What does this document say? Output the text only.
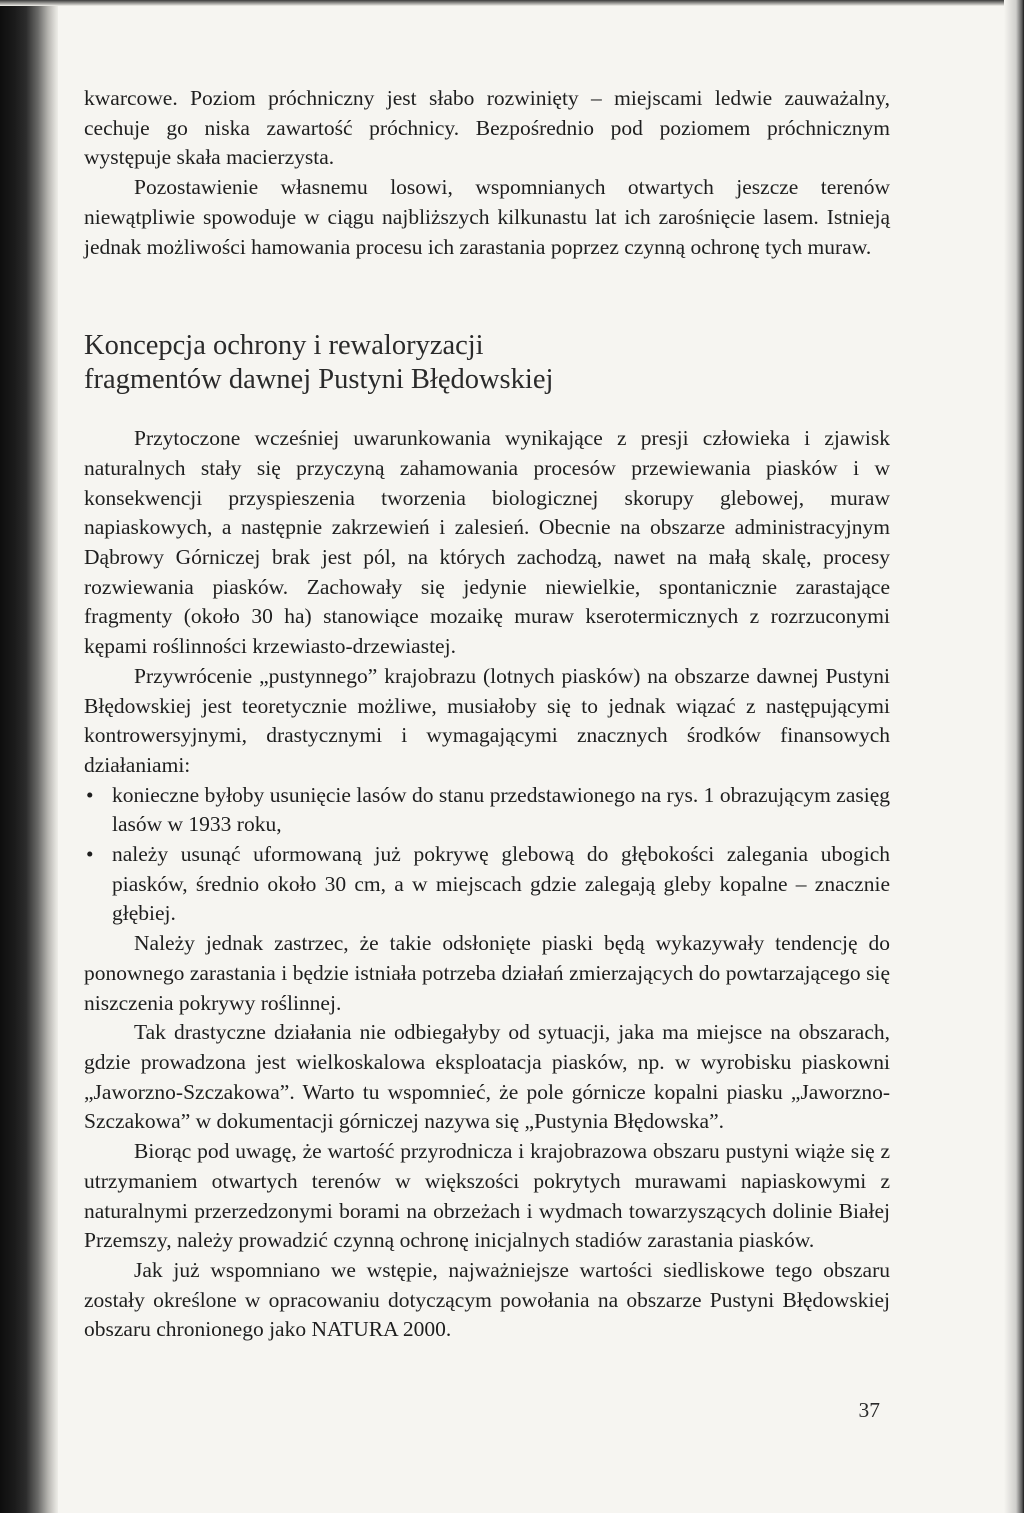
kwarcowe. Poziom próchniczny jest słabo rozwinięty – miejscami ledwie zauważalny, cechuje go niska zawartość próchnicy. Bezpośrednio pod poziomem próchnicznym występuje skała macierzysta.

Pozostawienie własnemu losowi, wspomnianych otwartych jeszcze terenów niewątpliwie spowoduje w ciągu najbliższych kilkunastu lat ich zarośnięcie lasem. Istnieją jednak możliwości hamowania procesu ich zarastania poprzez czynną ochronę tych muraw.

Koncepcja ochrony i rewaloryzacji
fragmentów dawnej Pustyni Błędowskiej

Przytoczone wcześniej uwarunkowania wynikające z presji człowieka i zjawisk naturalnych stały się przyczyną zahamowania procesów przewiewania piasków i w konsekwencji przyspieszenia tworzenia biologicznej skorupy glebowej, muraw napiaskowych, a następnie zakrzewień i zalesień. Obecnie na obszarze administracyjnym Dąbrowy Górniczej brak jest pól, na których zachodzą, nawet na małą skalę, procesy rozwiewania piasków. Zachowały się jedynie niewielkie, spontanicznie zarastające fragmenty (około 30 ha) stanowiące mozaikę muraw kserotermicznych z rozrzuconymi kępami roślinności krzewiasto-drzewiastej.

Przywrócenie „pustynnego” krajobrazu (lotnych piasków) na obszarze dawnej Pustyni Błędowskiej jest teoretycznie możliwe, musiałoby się to jednak wiązać z następującymi kontrowersyjnymi, drastycznymi i wymagającymi znacznych środków finansowych działaniami:

• konieczne byłoby usunięcie lasów do stanu przedstawionego na rys. 1 obrazującym zasięg lasów w 1933 roku,
• należy usunąć uformowaną już pokrywę glebową do głębokości zalegania ubogich piasków, średnio około 30 cm, a w miejscach gdzie zalegają gleby kopalne – znacznie głębiej.

Należy jednak zastrzec, że takie odsłonięte piaski będą wykazywały tendencję do ponownego zarastania i będzie istniała potrzeba działań zmierzających do powtarzającego się niszczenia pokrywy roślinnej.

Tak drastyczne działania nie odbiegałyby od sytuacji, jaka ma miejsce na obszarach, gdzie prowadzona jest wielkoskalowa eksploatacja piasków, np. w wyrobisku piaskowni „Jaworzno-Szczakowa”. Warto tu wspomnieć, że pole górnicze kopalni piasku „Jaworzno-Szczakowa” w dokumentacji górniczej nazywa się „Pustynia Błędowska”.

Biorąc pod uwagę, że wartość przyrodnicza i krajobrazowa obszaru pustyni wiąże się z utrzymaniem otwartych terenów w większości pokrytych murawami napiaskowymi z naturalnymi przerzedzonymi borami na obrzeżach i wydmach towarzyszących dolinie Białej Przemszy, należy prowadzić czynną ochronę inicjalnych stadiów zarastania piasków.

Jak już wspomniano we wstępie, najważniejsze wartości siedliskowe tego obszaru zostały określone w opracowaniu dotyczącym powołania na obszarze Pustyni Błędowskiej obszaru chronionego jako NATURA 2000.

37
